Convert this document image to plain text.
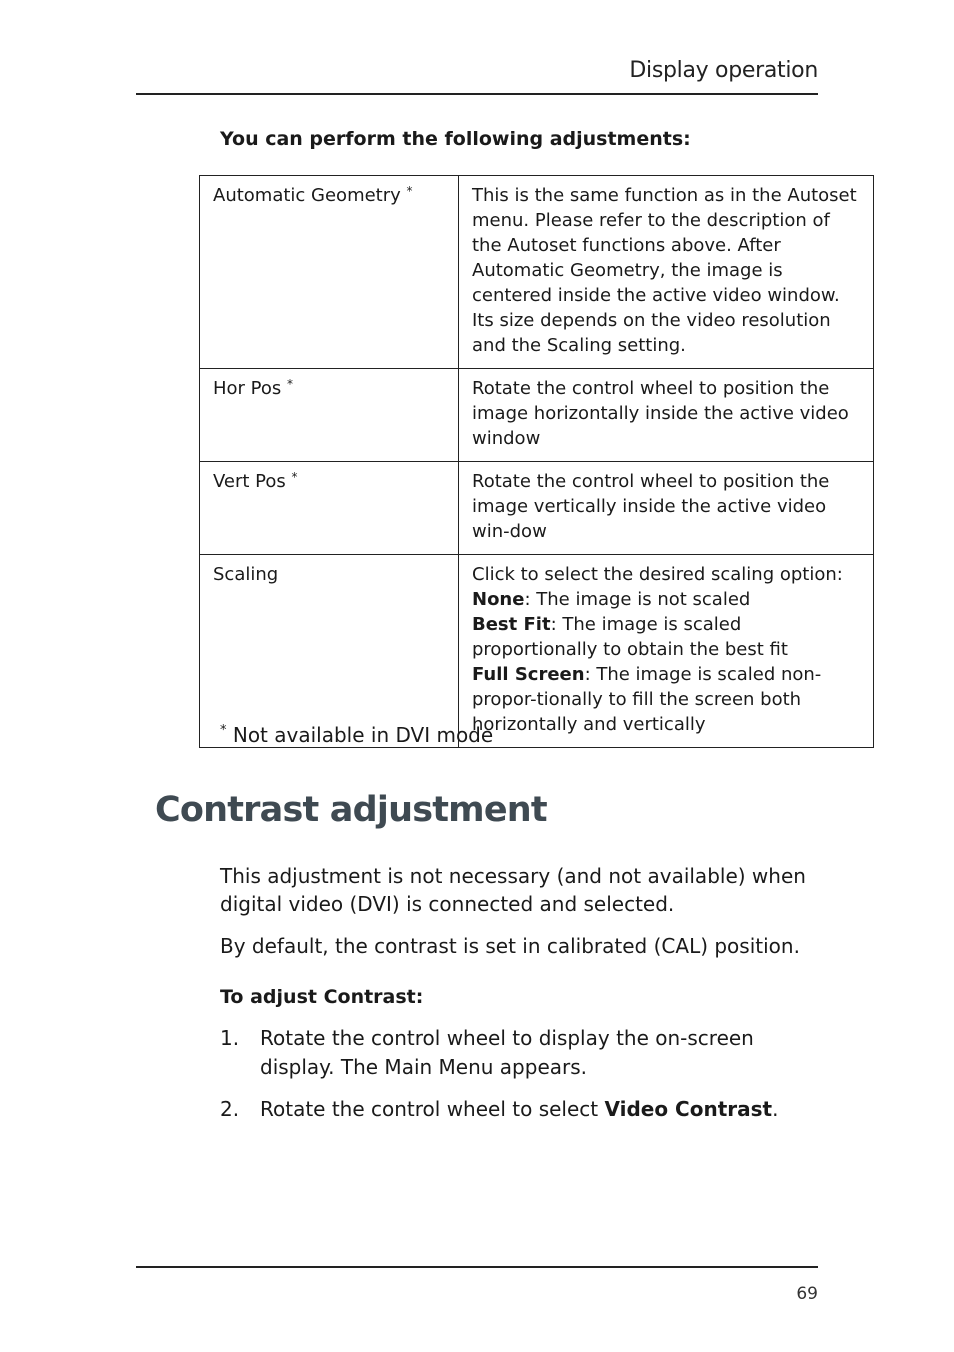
Display operation
You can perform the following adjustments:
Automatic Geometry *	This is the same function as in the Autoset menu. Please refer to the description of the Autoset functions above. After Automatic Geometry, the image is centered inside the active video window. Its size depends on the video resolution and the Scaling setting.
Hor Pos *	Rotate the control wheel to position the image horizontally inside the active video window
Vert Pos *	Rotate the control wheel to position the image vertically inside the active video win-dow
Scaling	Click to select the desired scaling option:
None: The image is not scaled
Best Fit: The image is scaled proportionally to obtain the best fit
Full Screen: The image is scaled non-propor-tionally to fill the screen both horizontally and vertically
* Not available in DVI mode
Contrast adjustment
This adjustment is not necessary (and not available) when digital video (DVI) is connected and selected.
By default, the contrast is set in calibrated (CAL) position.
To adjust Contrast:
1.	Rotate the control wheel to display the on-screen display. The Main Menu appears.
2.	Rotate the control wheel to select Video Contrast.
69
